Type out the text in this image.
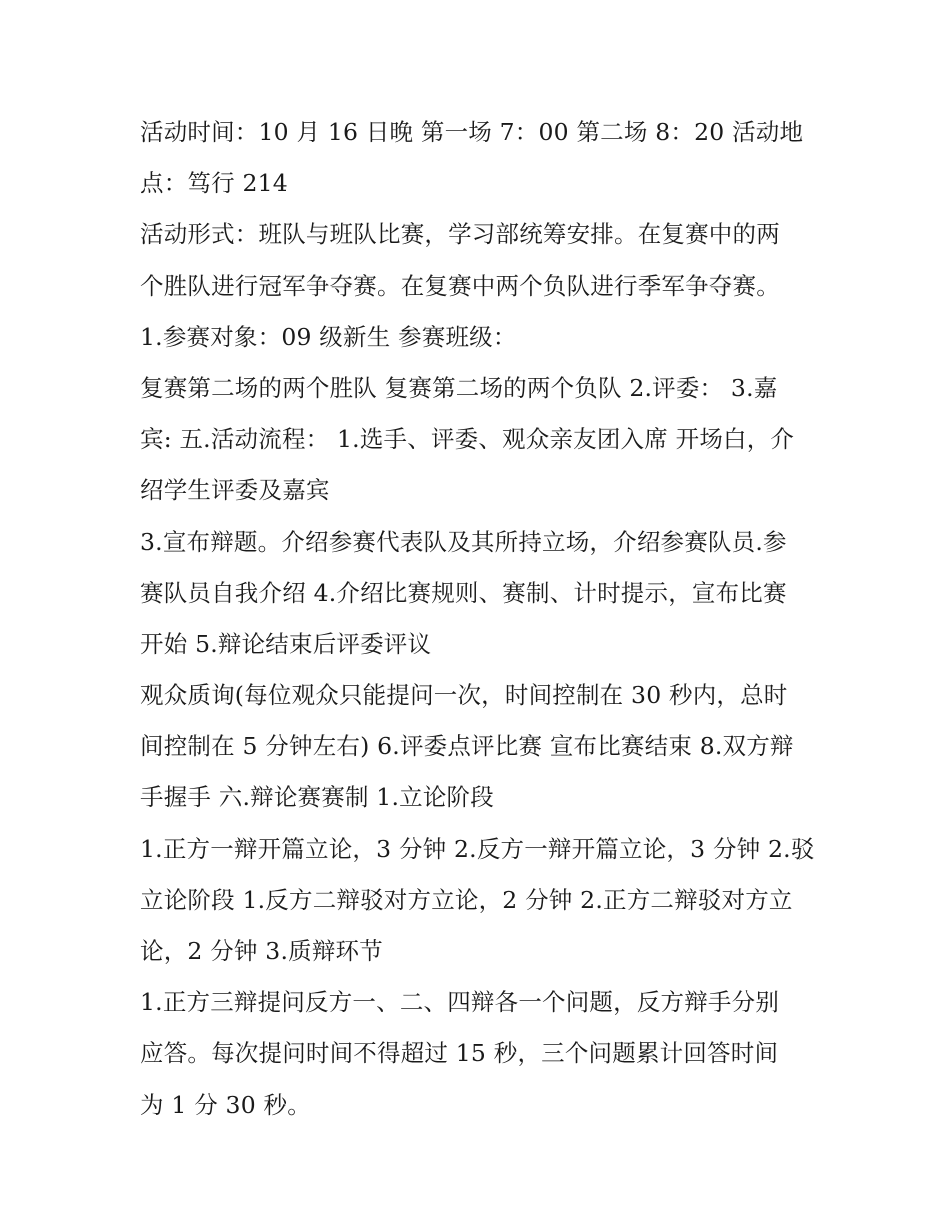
活动时间：10 月 16 日晚 第一场 7：00 第二场 8：20 活动地
点：笃行 214
活动形式：班队与班队比赛，学习部统筹安排。在复赛中的两
个胜队进行冠军争夺赛。在复赛中两个负队进行季军争夺赛。
1.参赛对象：09 级新生 参赛班级：
复赛第二场的两个胜队 复赛第二场的两个负队 2.评委： 3.嘉
宾: 五.活动流程： 1.选手、评委、观众亲友团入席 开场白，介
绍学生评委及嘉宾
3.宣布辩题。介绍参赛代表队及其所持立场，介绍参赛队员.参
赛队员自我介绍 4.介绍比赛规则、赛制、计时提示，宣布比赛
开始 5.辩论结束后评委评议
观众质询(每位观众只能提问一次，时间控制在 30 秒内，总时
间控制在 5 分钟左右) 6.评委点评比赛 宣布比赛结束 8.双方辩
手握手 六.辩论赛赛制 1.立论阶段
1.正方一辩开篇立论，3 分钟 2.反方一辩开篇立论，3 分钟 2.驳
立论阶段 1.反方二辩驳对方立论，2 分钟 2.正方二辩驳对方立
论，2 分钟 3.质辩环节
1.正方三辩提问反方一、二、四辩各一个问题，反方辩手分别
应答。每次提问时间不得超过 15 秒，三个问题累计回答时间
为 1 分 30 秒。
